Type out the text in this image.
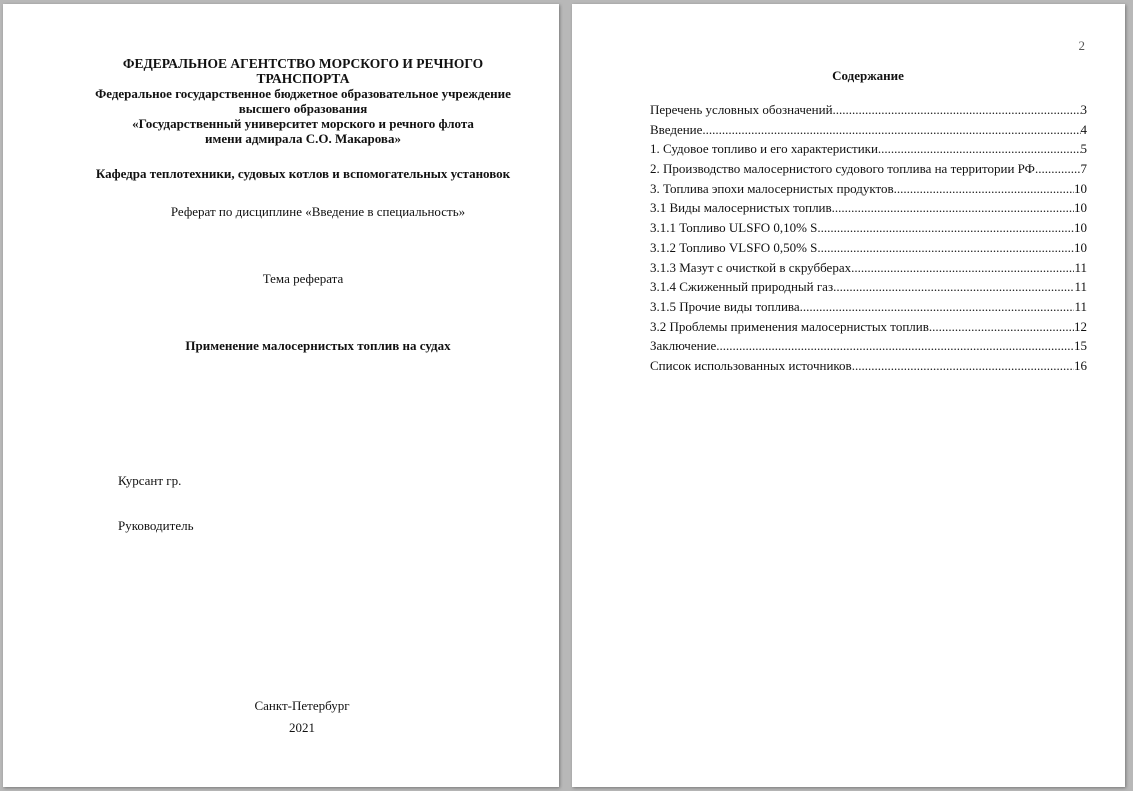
ФЕДЕРАЛЬНОЕ АГЕНТСТВО МОРСКОГО И РЕЧНОГО
ТРАНСПОРТА
Федеральное государственное бюджетное образовательное учреждение
высшего образования
«Государственный университет морского и речного флота
имени адмирала С.О. Макарова»
Кафедра теплотехники, судовых котлов и вспомогательных установок
Реферат по дисциплине «Введение в специальность»
Тема реферата
Применение малосернистых топлив на судах
Курсант гр.
Руководитель
Санкт-Петербург
2021
2
Содержание
Перечень условных обозначений .....	3
Введение .....	4
1. Судовое топливо и его характеристики .....	5
2. Производство малосернистого судового топлива на территории РФ .....	7
3. Топлива эпохи малосернистых продуктов .....	10
3.1 Виды малосернистых топлив .....	10
3.1.1 Топливо ULSFO 0,10% S .....	10
3.1.2 Топливо VLSFO 0,50% S .....	10
3.1.3 Мазут с очисткой в скрубберах .....	11
3.1.4 Сжиженный природный газ .....	11
3.1.5 Прочие виды топлива .....	11
3.2 Проблемы применения малосернистых топлив .....	12
Заключение .....	15
Список использованных источников .....	16
